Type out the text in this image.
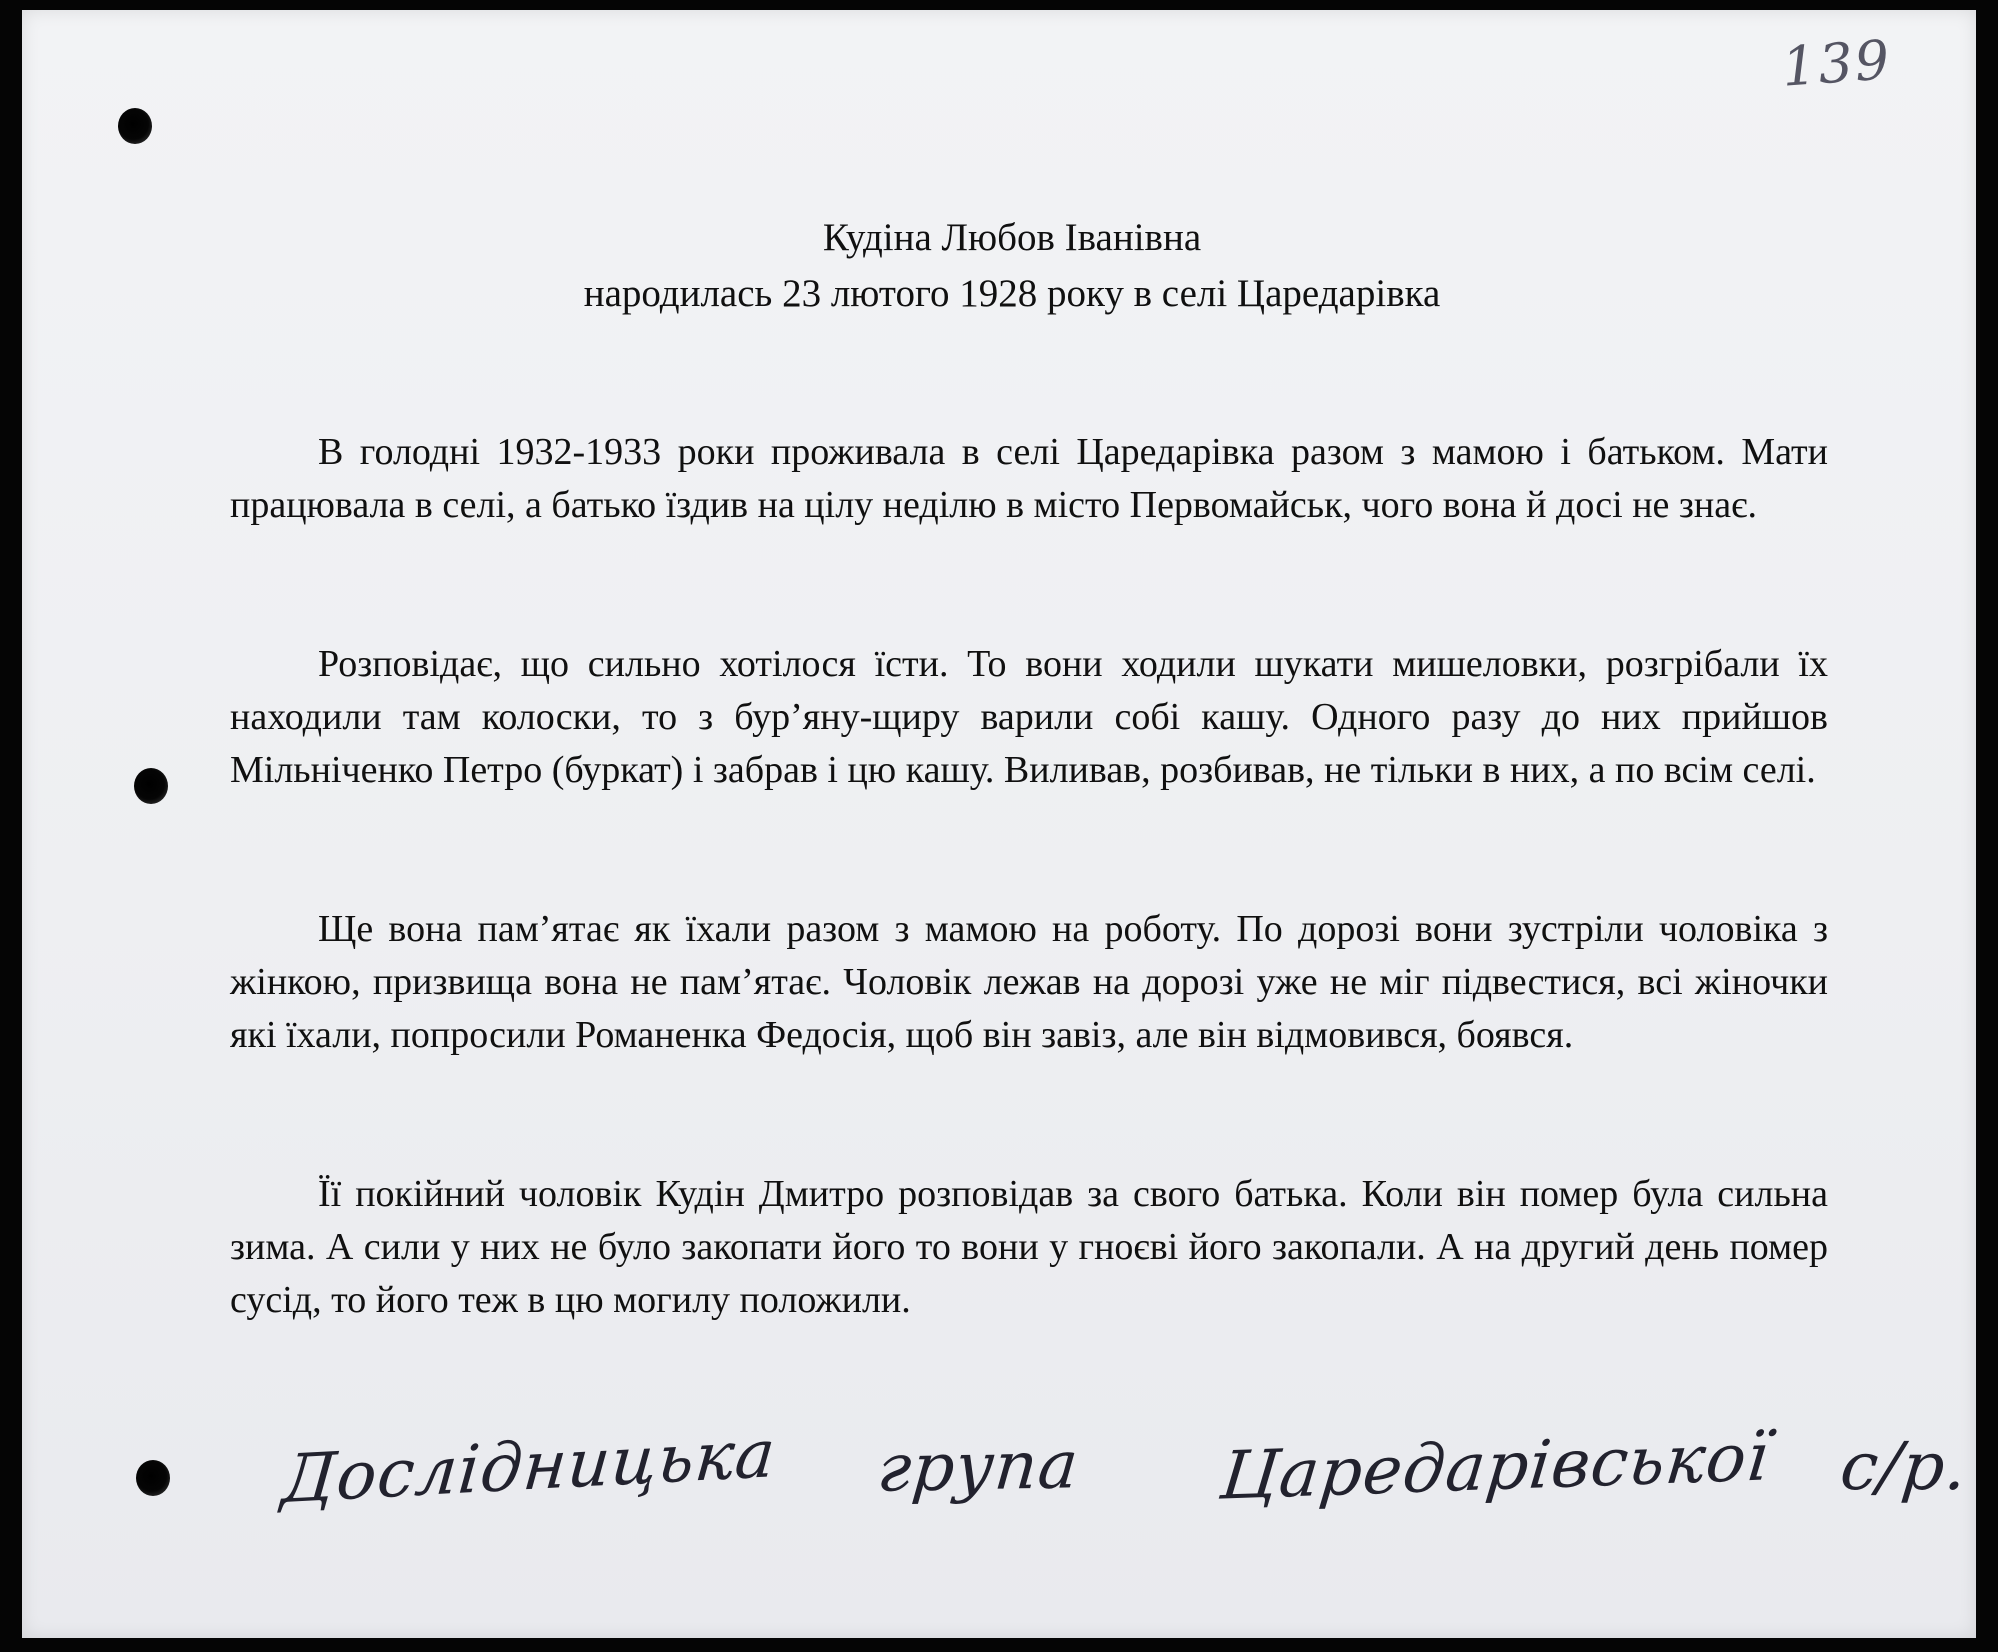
139
Кудіна Любов Іванівна
народилась 23 лютого 1928 року в селі Царедарівка

В голодні 1932-1933 роки проживала в селі Царедарівка разом з мамою і батьком. Мати працювала в селі, а батько їздив на цілу неділю в місто Первомайськ, чого вона й досі не знає.

Розповідає, що сильно хотілося їсти. То вони ходили шукати мишеловки, розгрібали їх находили там колоски, то з бур’яну-щиру варили собі кашу. Одного разу до них прийшов Мільніченко Петро (буркат) і забрав і цю кашу. Виливав, розбивав, не тільки в них, а по всім селі.

Ще вона пам’ятає як їхали разом з мамою на роботу. По дорозі вони зустріли чоловіка з жінкою, призвища вона не пам’ятає. Чоловік лежав на дорозі уже не міг підвестися, всі жіночки які їхали, попросили Романенка Федосія, щоб він завіз, але він відмовився, боявся.

Її покійний чоловік Кудін Дмитро розповідав за свого батька. Коли він помер була сильна зима. А сили у них не було закопати його то вони у гноєві його закопали. А на другий день помер сусід, то його теж в цю могилу положили.

Дослідницька група Царедарівської с/р.
